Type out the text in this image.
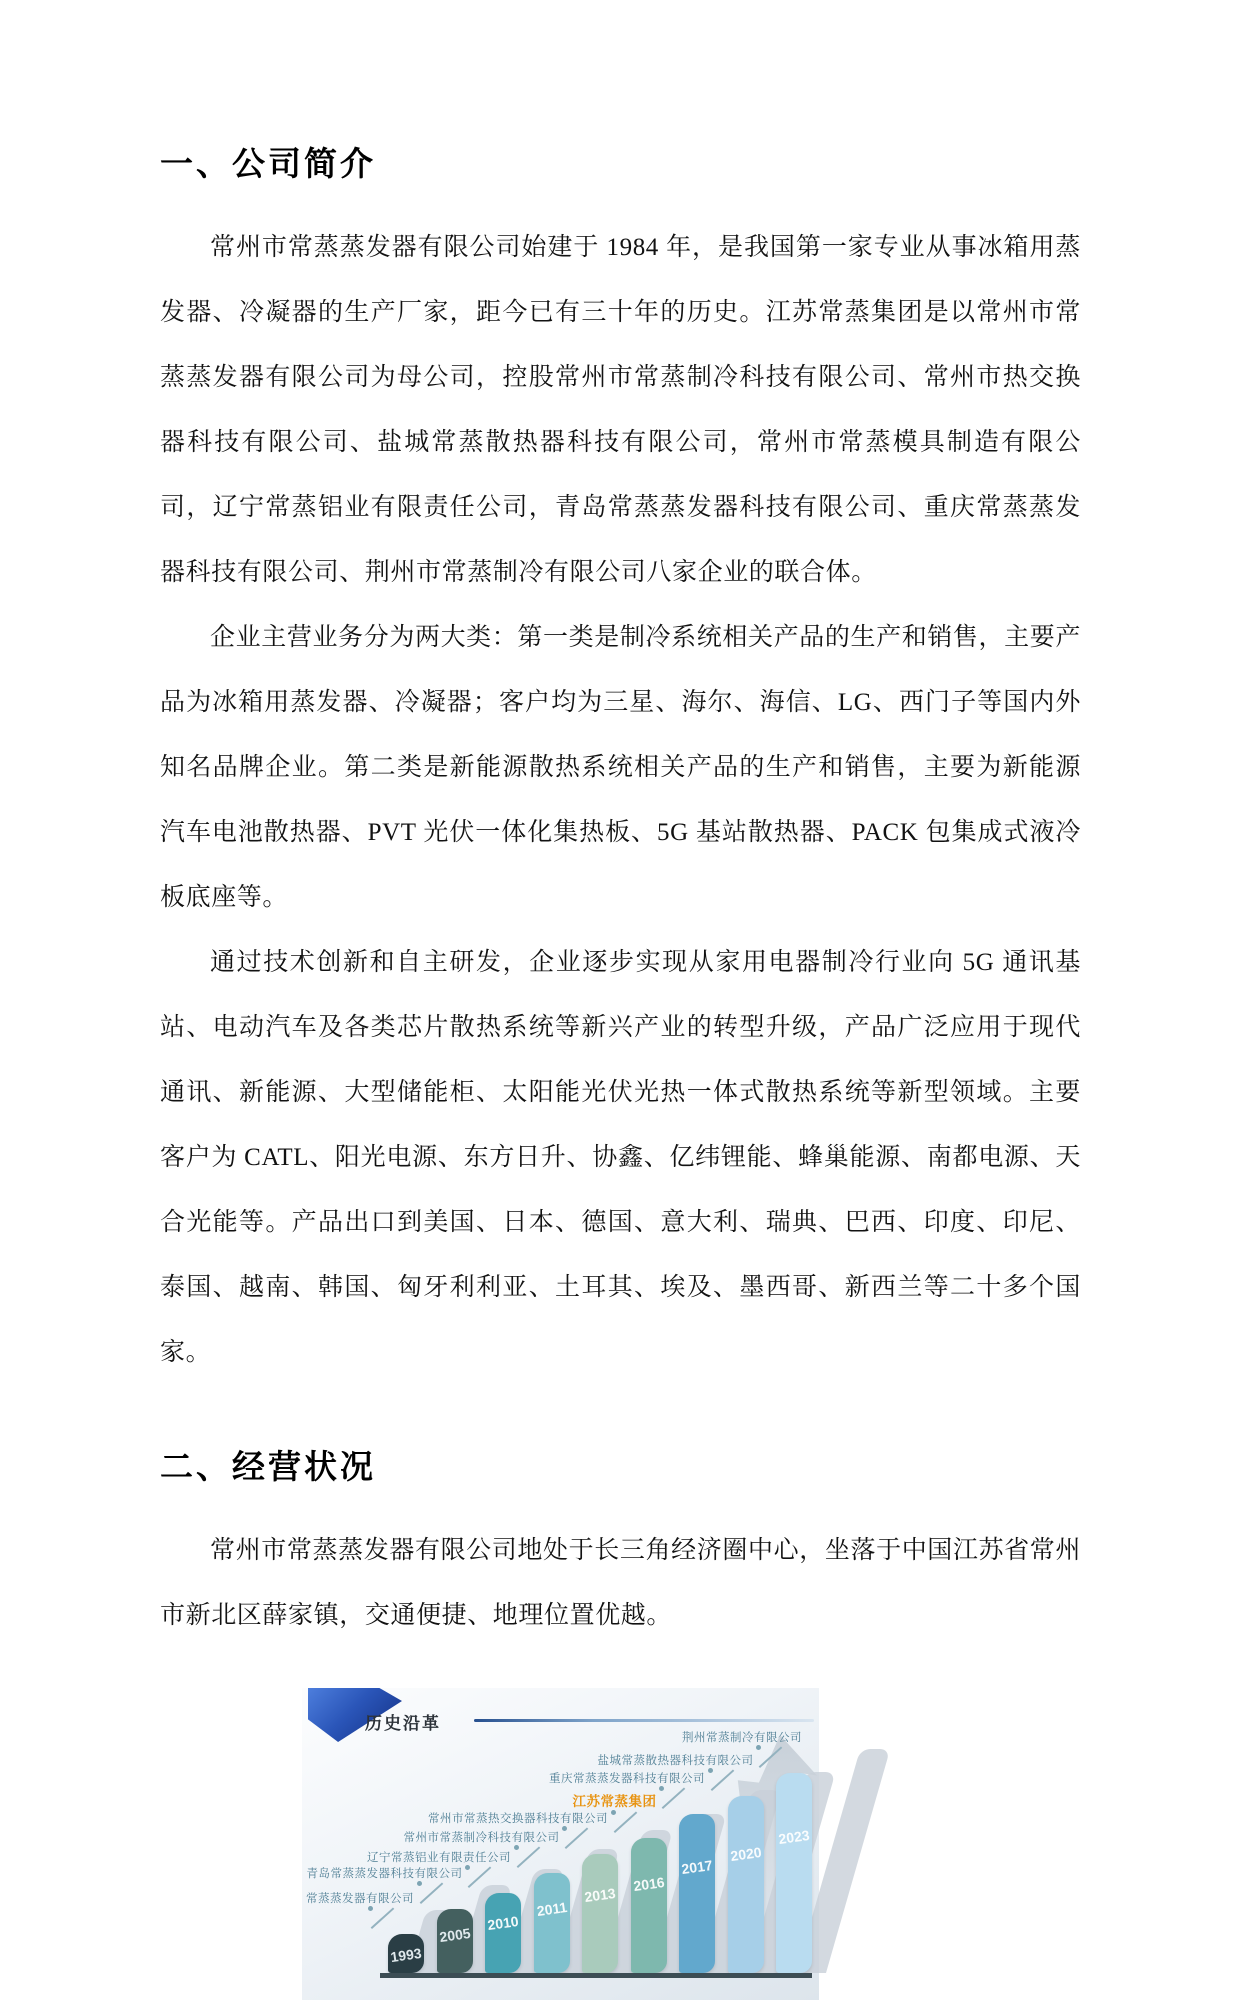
一、公司简介

常州市常蒸蒸发器有限公司始建于 1984 年，是我国第一家专业从事冰箱用蒸发器、冷凝器的生产厂家，距今已有三十年的历史。江苏常蒸集团是以常州市常蒸蒸发器有限公司为母公司，控股常州市常蒸制冷科技有限公司、常州市热交换器科技有限公司、盐城常蒸散热器科技有限公司，常州市常蒸模具制造有限公司，辽宁常蒸铝业有限责任公司，青岛常蒸蒸发器科技有限公司、重庆常蒸蒸发器科技有限公司、荆州市常蒸制冷有限公司八家企业的联合体。

企业主营业务分为两大类：第一类是制冷系统相关产品的生产和销售，主要产品为冰箱用蒸发器、冷凝器；客户均为三星、海尔、海信、LG、西门子等国内外知名品牌企业。第二类是新能源散热系统相关产品的生产和销售，主要为新能源汽车电池散热器、PVT 光伏一体化集热板、5G 基站散热器、PACK 包集成式液冷板底座等。

通过技术创新和自主研发，企业逐步实现从家用电器制冷行业向 5G 通讯基站、电动汽车及各类芯片散热系统等新兴产业的转型升级，产品广泛应用于现代通讯、新能源、大型储能柜、太阳能光伏光热一体式散热系统等新型领域。主要客户为 CATL、阳光电源、东方日升、协鑫、亿纬锂能、蜂巢能源、南都电源、天合光能等。产品出口到美国、日本、德国、意大利、瑞典、巴西、印度、印尼、泰国、越南、韩国、匈牙利利亚、土耳其、埃及、墨西哥、新西兰等二十多个国家。

二、经营状况

常州市常蒸蒸发器有限公司地处于长三角经济圈中心，坐落于中国江苏省常州市新北区薛家镇，交通便捷、地理位置优越。

历史沿革
1993
常蒸蒸发器有限公司
2005
青岛常蒸蒸发器科技有限公司
2010
辽宁常蒸铝业有限责任公司
2011
常州市常蒸制冷科技有限公司
2013
常州市常蒸热交换器科技有限公司
2016
江苏常蒸集团
2017
重庆常蒸蒸发器科技有限公司
2020
盐城常蒸散热器科技有限公司
2023
荆州常蒸制冷有限公司
